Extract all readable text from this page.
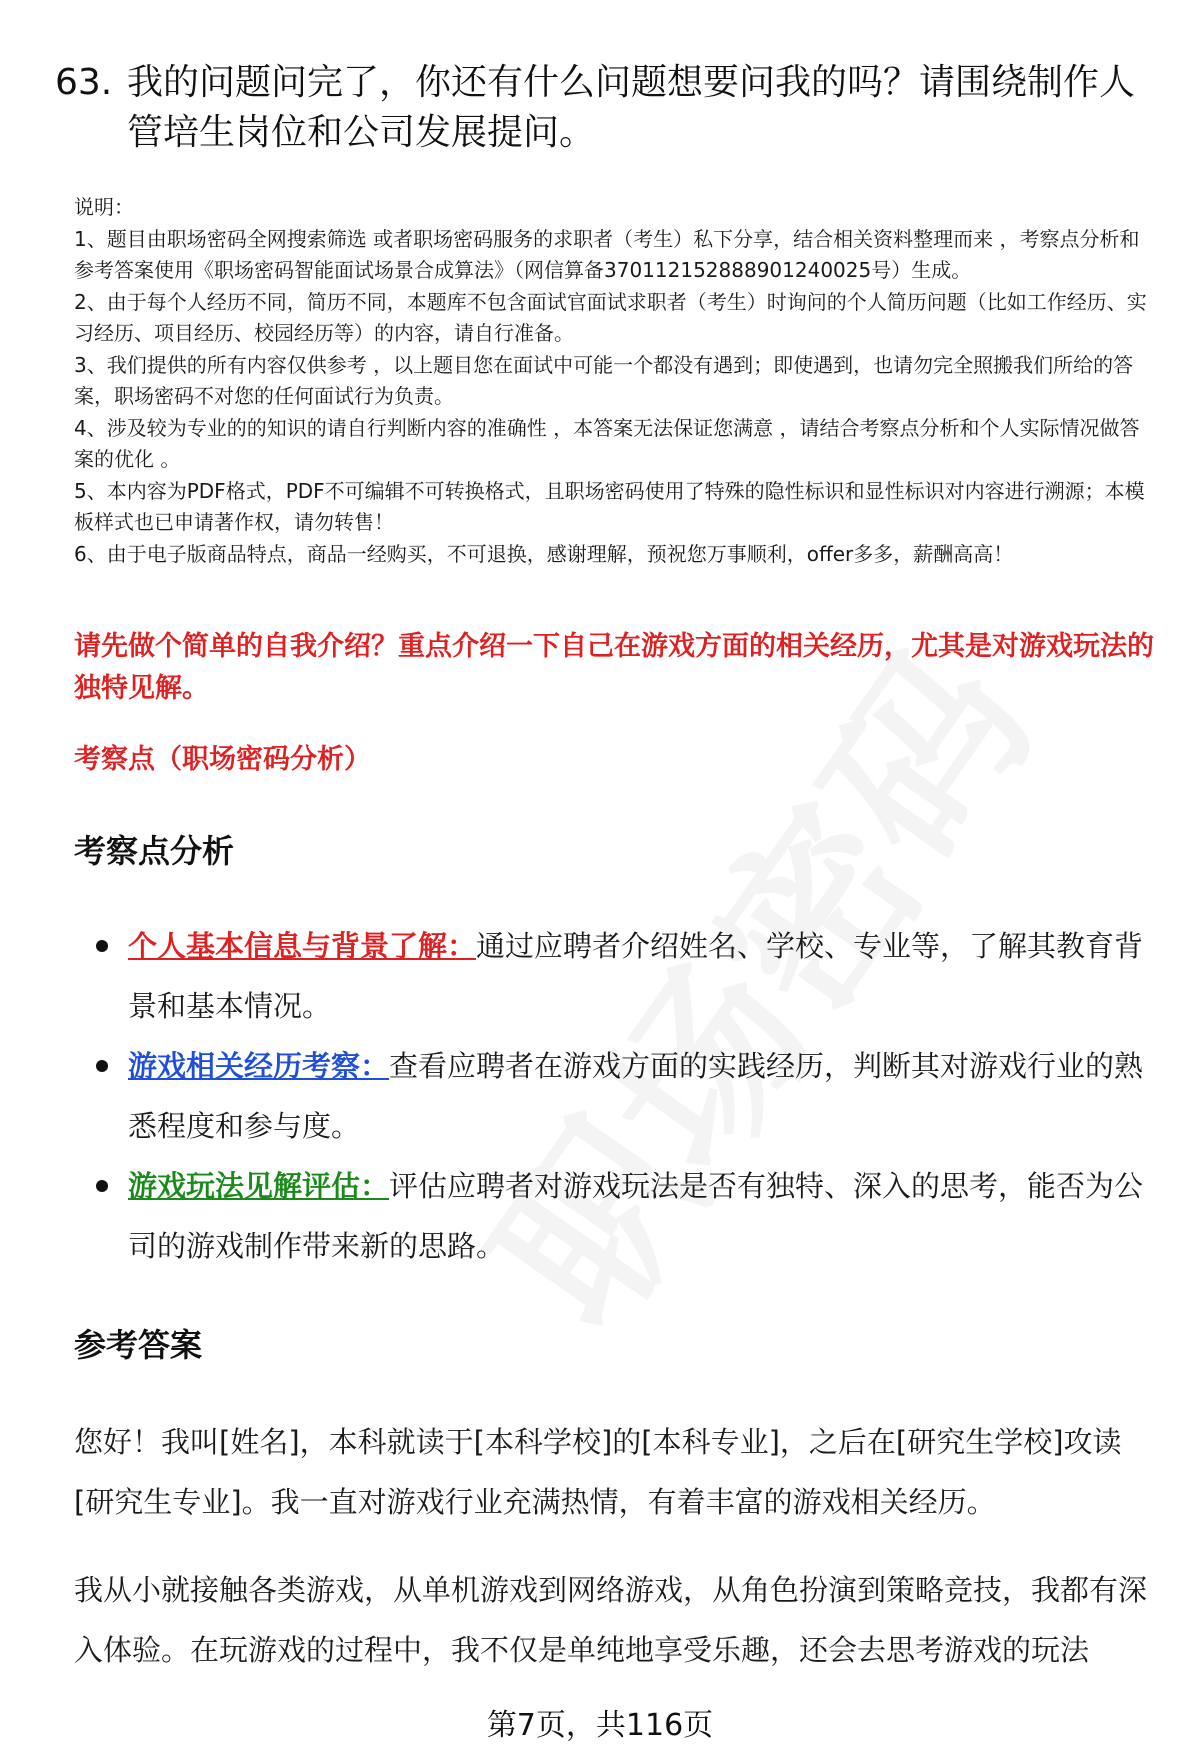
63. 我的问题问完了，你还有什么问题想要问我的吗？请围绕制作人管培生岗位和公司发展提问。
说明：
1、题目由职场密码全网搜索筛选 或者职场密码服务的求职者（考生）私下分享，结合相关资料整理而来 ，考察点分析和参考答案使用《职场密码智能面试场景合成算法》（网信算备370112152888901240025号）生成。
2、由于每个人经历不同，简历不同，本题库不包含面试官面试求职者（考生）时询问的个人简历问题（比如工作经历、实习经历、项目经历、校园经历等）的内容，请自行准备。
3、我们提供的所有内容仅供参考 ，以上题目您在面试中可能一个都没有遇到；即使遇到，也请勿完全照搬我们所给的答案，职场密码不对您的任何面试行为负责。
4、涉及较为专业的的知识的请自行判断内容的准确性 ，本答案无法保证您满意 ，请结合考察点分析和个人实际情况做答案的优化 。
5、本内容为PDF格式，PDF不可编辑不可转换格式，且职场密码使用了特殊的隐性标识和显性标识对内容进行溯源；本模板样式也已申请著作权，请勿转售！
6、由于电子版商品特点，商品一经购买，不可退换，感谢理解，预祝您万事顺利，offer多多，薪酬高高！
请先做个简单的自我介绍？重点介绍一下自己在游戏方面的相关经历，尤其是对游戏玩法的独特见解。
考察点（职场密码分析）
考察点分析
个人基本信息与背景了解：通过应聘者介绍姓名、学校、专业等，了解其教育背景和基本情况。
游戏相关经历考察：查看应聘者在游戏方面的实践经历，判断其对游戏行业的熟悉程度和参与度。
游戏玩法见解评估：评估应聘者对游戏玩法是否有独特、深入的思考，能否为公司的游戏制作带来新的思路。
参考答案
您好！我叫[姓名]，本科就读于[本科学校]的[本科专业]，之后在[研究生学校]攻读[研究生专业]。我一直对游戏行业充满热情，有着丰富的游戏相关经历。
我从小就接触各类游戏，从单机游戏到网络游戏，从角色扮演到策略竞技，我都有深入体验。在玩游戏的过程中，我不仅是单纯地享受乐趣，还会去思考游戏的玩法
第7页，共116页
